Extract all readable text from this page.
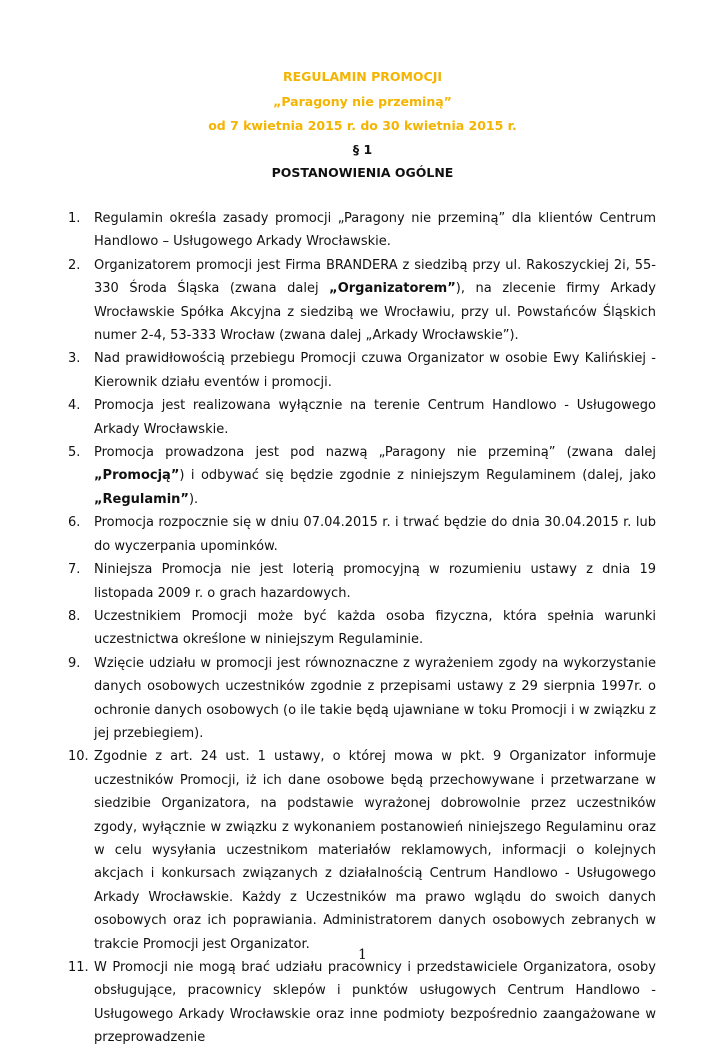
REGULAMIN PROMOCJI
„Paragony nie przeminą”
od 7 kwietnia 2015 r. do 30 kwietnia 2015 r.
§ 1
POSTANOWIENIA OGÓLNE
1. Regulamin określa zasady promocji „Paragony nie przeminą” dla klientów Centrum Handlowo – Usługowego Arkady Wrocławskie.
2. Organizatorem promocji jest Firma BRANDERA z siedzibą przy ul. Rakoszyckiej 2i, 55-330 Środa Śląska (zwana dalej „Organizatorem”), na zlecenie firmy Arkady Wrocławskie Spółka Akcyjna z siedzibą we Wrocławiu, przy ul. Powstańców Śląskich numer 2-4, 53-333 Wrocław (zwana dalej „Arkady Wrocławskie”).
3. Nad prawidłowością przebiegu Promocji czuwa Organizator w osobie Ewy Kalińskiej - Kierownik działu eventów i promocji.
4. Promocja jest realizowana wyłącznie na terenie Centrum Handlowo - Usługowego Arkady Wrocławskie.
5. Promocja prowadzona jest pod nazwą „Paragony nie przeminą” (zwana dalej „Promocją”) i odbywać się będzie zgodnie z niniejszym Regulaminem (dalej, jako „Regulamin”).
6. Promocja rozpocznie się w dniu 07.04.2015 r. i trwać będzie do dnia 30.04.2015 r. lub do wyczerpania upominków.
7. Niniejsza Promocja nie jest loterią promocyjną w rozumieniu ustawy z dnia 19 listopada 2009 r. o grach hazardowych.
8. Uczestnikiem Promocji może być każda osoba fizyczna, która spełnia warunki uczestnictwa określone w niniejszym Regulaminie.
9. Wzięcie udziału w promocji jest równoznaczne z wyrażeniem zgody na wykorzystanie danych osobowych uczestników zgodnie z przepisami ustawy z 29 sierpnia 1997r. o ochronie danych osobowych (o ile takie będą ujawniane w toku Promocji i w związku z jej przebiegiem).
10. Zgodnie z art. 24 ust. 1 ustawy, o której mowa w pkt. 9 Organizator informuje uczestników Promocji, iż ich dane osobowe będą przechowywane i przetwarzane w siedzibie Organizatora, na podstawie wyrażonej dobrowolnie przez uczestników zgody, wyłącznie w związku z wykonaniem postanowień niniejszego Regulaminu oraz w celu wysyłania uczestnikom materiałów reklamowych, informacji o kolejnych akcjach i konkursach związanych z działalnością Centrum Handlowo - Usługowego Arkady Wrocławskie. Każdy z Uczestników ma prawo wglądu do swoich danych osobowych oraz ich poprawiania. Administratorem danych osobowych zebranych w trakcie Promocji jest Organizator.
11. W Promocji nie mogą brać udziału pracownicy i przedstawiciele Organizatora, osoby obsługujące, pracownicy sklepów i punktów usługowych Centrum Handlowo - Usługowego Arkady Wrocławskie oraz inne podmioty bezpośrednio zaangażowane w przeprowadzenie
1
